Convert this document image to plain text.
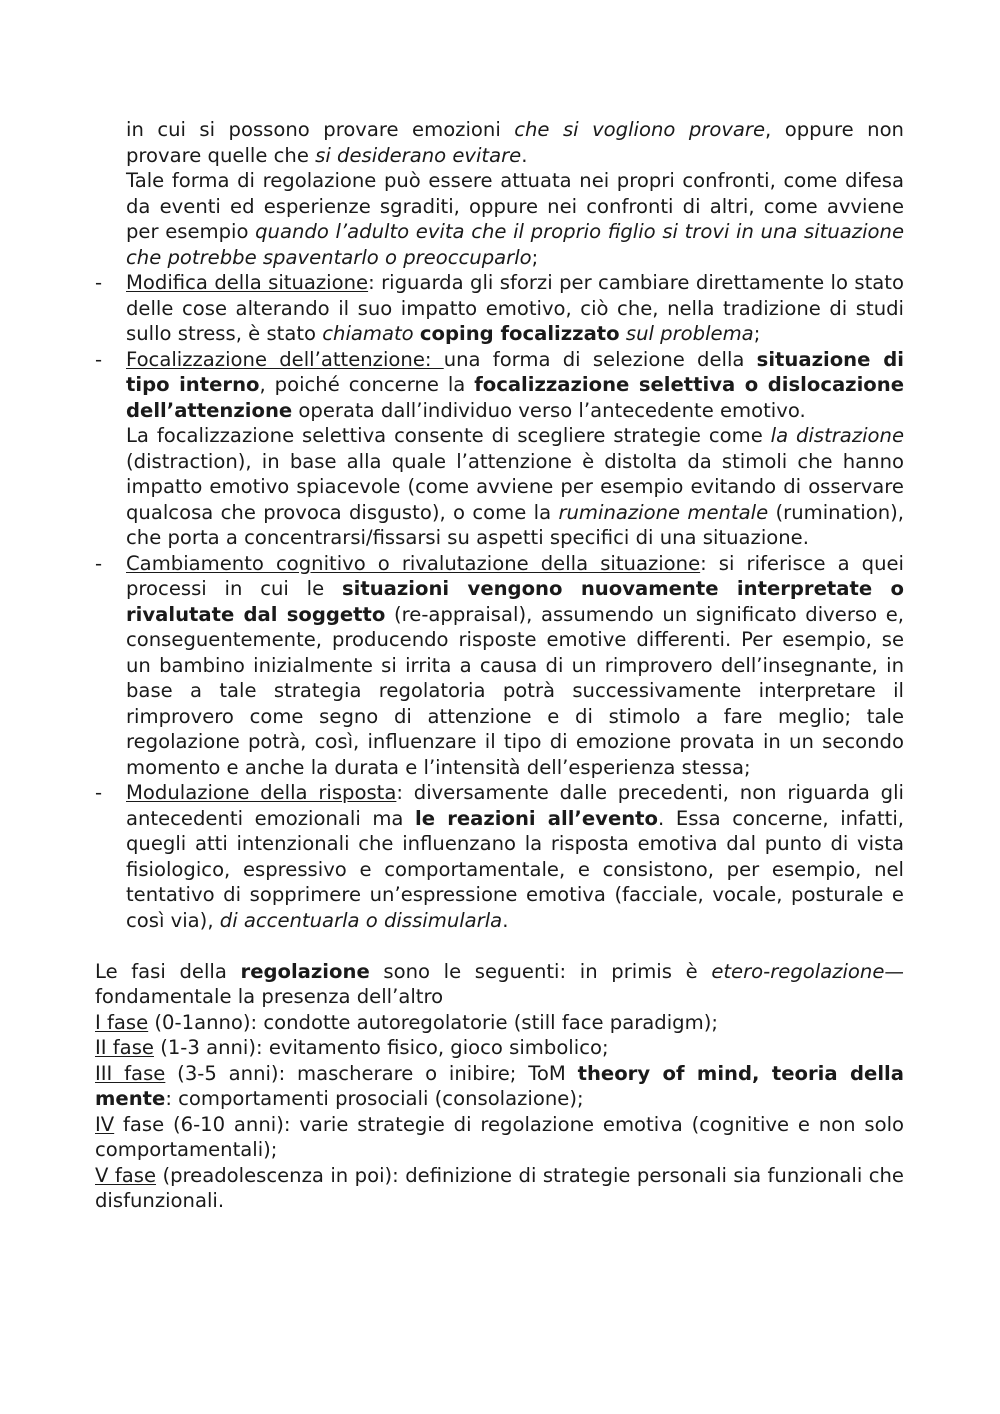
in cui si possono provare emozioni che si vogliono provare, oppure non provare quelle che si desiderano evitare.

Tale forma di regolazione può essere attuata nei propri confronti, come difesa da eventi ed esperienze sgraditi, oppure nei confronti di altri, come avviene per esempio quando l’adulto evita che il proprio figlio si trovi in una situazione che potrebbe spaventarlo o preoccuparlo;

- Modifica della situazione: riguarda gli sforzi per cambiare direttamente lo stato delle cose alterando il suo impatto emotivo, ciò che, nella tradizione di studi sullo stress, è stato chiamato coping focalizzato sul problema;

- Focalizzazione dell’attenzione: una forma di selezione della situazione di tipo interno, poiché concerne la focalizzazione selettiva o dislocazione dell’attenzione operata dall’individuo verso l’antecedente emotivo.

La focalizzazione selettiva consente di scegliere strategie come la distrazione (distraction), in base alla quale l’attenzione è distolta da stimoli che hanno impatto emotivo spiacevole (come avviene per esempio evitando di osservare qualcosa che provoca disgusto), o come la ruminazione mentale (rumination), che porta a concentrarsi/fissarsi su aspetti specifici di una situazione.

- Cambiamento cognitivo o rivalutazione della situazione: si riferisce a quei processi in cui le situazioni vengono nuovamente interpretate o rivalutate dal soggetto (re-appraisal), assumendo un significato diverso e, conseguentemente, producendo risposte emotive differenti. Per esempio, se un bambino inizialmente si irrita a causa di un rimprovero dell’insegnante, in base a tale strategia regolatoria potrà successivamente interpretare il rimprovero come segno di attenzione e di stimolo a fare meglio; tale regolazione potrà, così, influenzare il tipo di emozione provata in un secondo momento e anche la durata e l’intensità dell’esperienza stessa;

- Modulazione della risposta: diversamente dalle precedenti, non riguarda gli antecedenti emozionali ma le reazioni all’evento. Essa concerne, infatti, quegli atti intenzionali che influenzano la risposta emotiva dal punto di vista fisiologico, espressivo e comportamentale, e consistono, per esempio, nel tentativo di sopprimere un’espressione emotiva (facciale, vocale, posturale e così via), di accentuarla o dissimularla.

Le fasi della regolazione sono le seguenti: in primis è etero-regolazione—fondamentale la presenza dell’altro

I fase (0-1anno): condotte autoregolatorie (still face paradigm);

II fase (1-3 anni): evitamento fisico, gioco simbolico;

III fase (3-5 anni): mascherare o inibire; ToM theory of mind, teoria della mente: comportamenti prosociali (consolazione);

IV fase (6-10 anni): varie strategie di regolazione emotiva (cognitive e non solo comportamentali);

V fase (preadolescenza in poi): definizione di strategie personali sia funzionali che disfunzionali.
